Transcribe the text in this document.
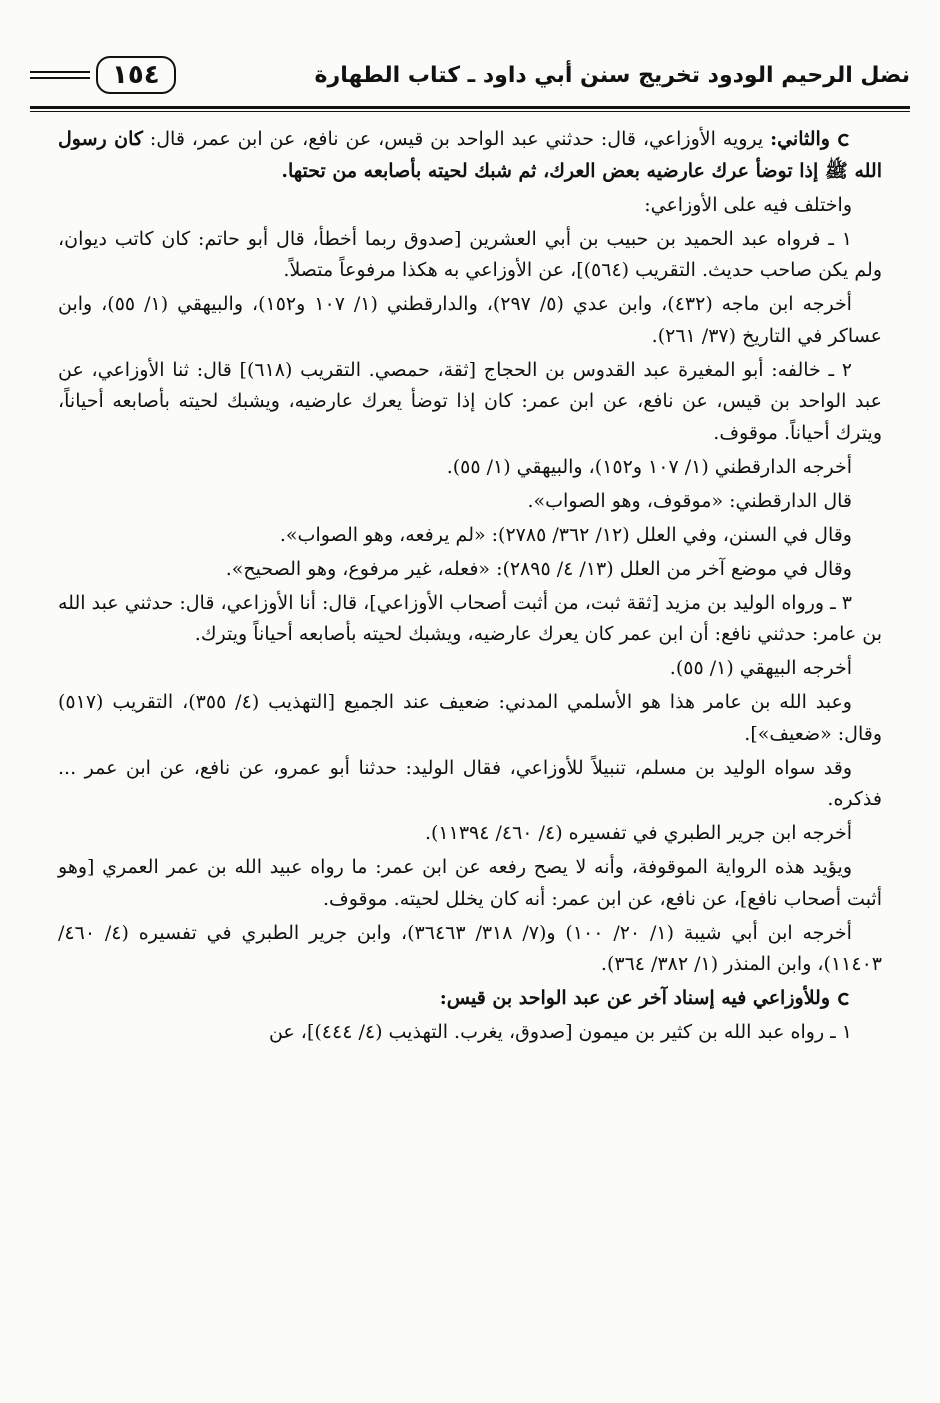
١٥٤	نضل الرحيم الودود تخريج سنن أبي داود ـ كتاب الطهارة

والثاني: يرويه الأوزاعي، قال: حدثني عبد الواحد بن قيس، عن نافع، عن ابن عمر، قال: كان رسول الله ﷺ إذا توضأ عرك عارضيه بعض العرك، ثم شبك لحيته بأصابعه من تحتها.

واختلف فيه على الأوزاعي:

١ ـ فرواه عبد الحميد بن حبيب بن أبي العشرين [صدوق ربما أخطأ، قال أبو حاتم: كان كاتب ديوان، ولم يكن صاحب حديث. التقريب (٥٦٤)]، عن الأوزاعي به هكذا مرفوعاً متصلاً.

أخرجه ابن ماجه (٤٣٢)، وابن عدي (٥/ ٢٩٧)، والدارقطني (١/ ١٠٧ و١٥٢)، والبيهقي (١/ ٥٥)، وابن عساكر في التاريخ (٣٧/ ٢٦١).

٢ ـ خالفه: أبو المغيرة عبد القدوس بن الحجاج [ثقة، حمصي. التقريب (٦١٨)] قال: ثنا الأوزاعي، عن عبد الواحد بن قيس، عن نافع، عن ابن عمر: كان إذا توضأ يعرك عارضيه، ويشبك لحيته بأصابعه أحياناً، ويترك أحياناً. موقوف.

أخرجه الدارقطني (١/ ١٠٧ و١٥٢)، والبيهقي (١/ ٥٥).

قال الدارقطني: «موقوف، وهو الصواب».

وقال في السنن، وفي العلل (١٢/ ٣٦٢/ ٢٧٨٥): «لم يرفعه، وهو الصواب».

وقال في موضع آخر من العلل (١٣/ ٤/ ٢٨٩٥): «فعله، غير مرفوع، وهو الصحيح».

٣ ـ ورواه الوليد بن مزيد [ثقة ثبت، من أثبت أصحاب الأوزاعي]، قال: أنا الأوزاعي، قال: حدثني عبد الله بن عامر: حدثني نافع: أن ابن عمر كان يعرك عارضيه، ويشبك لحيته بأصابعه أحياناً ويترك.

أخرجه البيهقي (١/ ٥٥).

وعبد الله بن عامر هذا هو الأسلمي المدني: ضعيف عند الجميع [التهذيب (٤/ ٣٥٥)، التقريب (٥١٧) وقال: «ضعيف»].

وقد سواه الوليد بن مسلم، تنبيلاً للأوزاعي، فقال الوليد: حدثنا أبو عمرو، عن نافع، عن ابن عمر ... فذكره.

أخرجه ابن جرير الطبري في تفسيره (٤/ ٤٦٠/ ١١٣٩٤).

ويؤيد هذه الرواية الموقوفة، وأنه لا يصح رفعه عن ابن عمر: ما رواه عبيد الله بن عمر العمري [وهو أثبت أصحاب نافع]، عن نافع، عن ابن عمر: أنه كان يخلل لحيته. موقوف.

أخرجه ابن أبي شيبة (١/ ٢٠/ ١٠٠) و(٧/ ٣١٨/ ٣٦٤٦٣)، وابن جرير الطبري في تفسيره (٤/ ٤٦٠/ ١١٤٠٣)، وابن المنذر (١/ ٣٨٢/ ٣٦٤).

وللأوزاعي فيه إسناد آخر عن عبد الواحد بن قيس:

١ ـ رواه عبد الله بن كثير بن ميمون [صدوق، يغرب. التهذيب (٤/ ٤٤٤)]، عن
